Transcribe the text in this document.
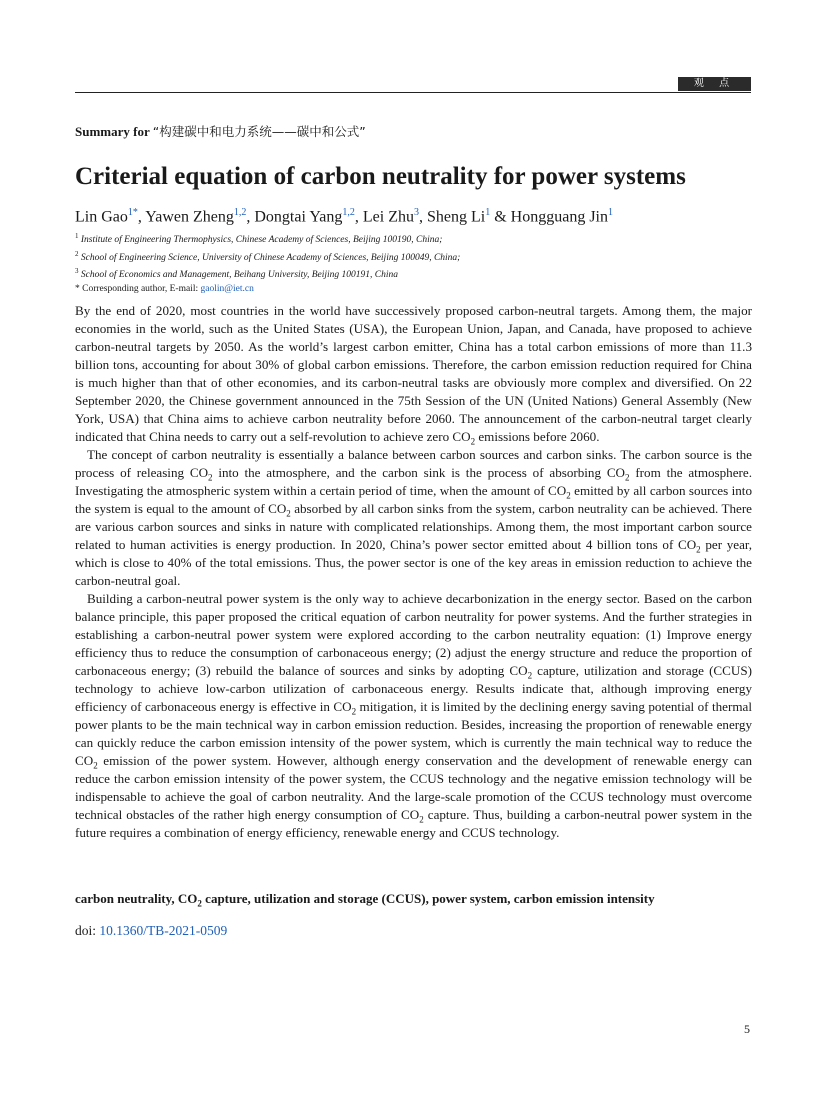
观 点
Summary for “构建碳中和电力系统——碳中和公式”
Criterial equation of carbon neutrality for power systems
Lin Gao$^{1*}$, Yawen Zheng$^{1,2}$, Dongtai Yang$^{1,2}$, Lei Zhu$^3$, Sheng Li$^1$ & Hongguang Jin$^1$
$^1$ Institute of Engineering Thermophysics, Chinese Academy of Sciences, Beijing 100190, China;
$^2$ School of Engineering Science, University of Chinese Academy of Sciences, Beijing 100049, China;
$^3$ School of Economics and Management, Beihang University, Beijing 100191, China
* Corresponding author, E-mail: gaolin@iet.cn

By the end of 2020, most countries in the world have successively proposed carbon-neutral targets. Among them, the major economies in the world, such as the United States (USA), the European Union, Japan, and Canada, have proposed to achieve carbon-neutral targets by 2050. As the world’s largest carbon emitter, China has a total carbon emissions of more than 11.3 billion tons, accounting for about 30% of global carbon emissions. Therefore, the carbon emission reduction required for China is much higher than that of other economies, and its carbon-neutral tasks are obviously more complex and diversified. On 22 September 2020, the Chinese government announced in the 75th Session of the UN (United Nations) General Assembly (New York, USA) that China aims to achieve carbon neutrality before 2060. The announcement of the carbon-neutral target clearly indicated that China needs to carry out a self-revolution to achieve zero $CO_2$ emissions before 2060.

The concept of carbon neutrality is essentially a balance between carbon sources and carbon sinks. The carbon source is the process of releasing $CO_2$ into the atmosphere, and the carbon sink is the process of absorbing $CO_2$ from the atmosphere. Investigating the atmospheric system within a certain period of time, when the amount of $CO_2$ emitted by all carbon sources into the system is equal to the amount of $CO_2$ absorbed by all carbon sinks from the system, carbon neutrality can be achieved. There are various carbon sources and sinks in nature with complicated relationships. Among them, the most important carbon source related to human activities is energy production. In 2020, China’s power sector emitted about 4 billion tons of $CO_2$ per year, which is close to 40% of the total emissions. Thus, the power sector is one of the key areas in emission reduction to achieve the carbon-neutral goal.

Building a carbon-neutral power system is the only way to achieve decarbonization in the energy sector. Based on the carbon balance principle, this paper proposed the critical equation of carbon neutrality for power systems. And the further strategies in establishing a carbon-neutral power system were explored according to the carbon neutrality equation: (1) Improve energy efficiency thus to reduce the consumption of carbonaceous energy; (2) adjust the energy structure and reduce the proportion of carbonaceous energy; (3) rebuild the balance of sources and sinks by adopting $CO_2$ capture, utilization and storage (CCUS) technology to achieve low-carbon utilization of carbonaceous energy. Results indicate that, although improving energy efficiency of carbonaceous energy is effective in $CO_2$ mitigation, it is limited by the declining energy saving potential of thermal power plants to be the main technical way in carbon emission reduction. Besides, increasing the proportion of renewable energy can quickly reduce the carbon emission intensity of the power system, which is currently the main technical way to reduce the $CO_2$ emission of the power system. However, although energy conservation and the development of renewable energy can reduce the carbon emission intensity of the power system, the CCUS technology and the negative emission technology will be indispensable to achieve the goal of carbon neutrality. And the large-scale promotion of the CCUS technology must overcome technical obstacles of the rather high energy consumption of $CO_2$ capture. Thus, building a carbon-neutral power system in the future requires a combination of energy efficiency, renewable energy and CCUS technology.

carbon neutrality, $CO_2$ capture, utilization and storage (CCUS), power system, carbon emission intensity
doi: 10.1360/TB-2021-0509
5
